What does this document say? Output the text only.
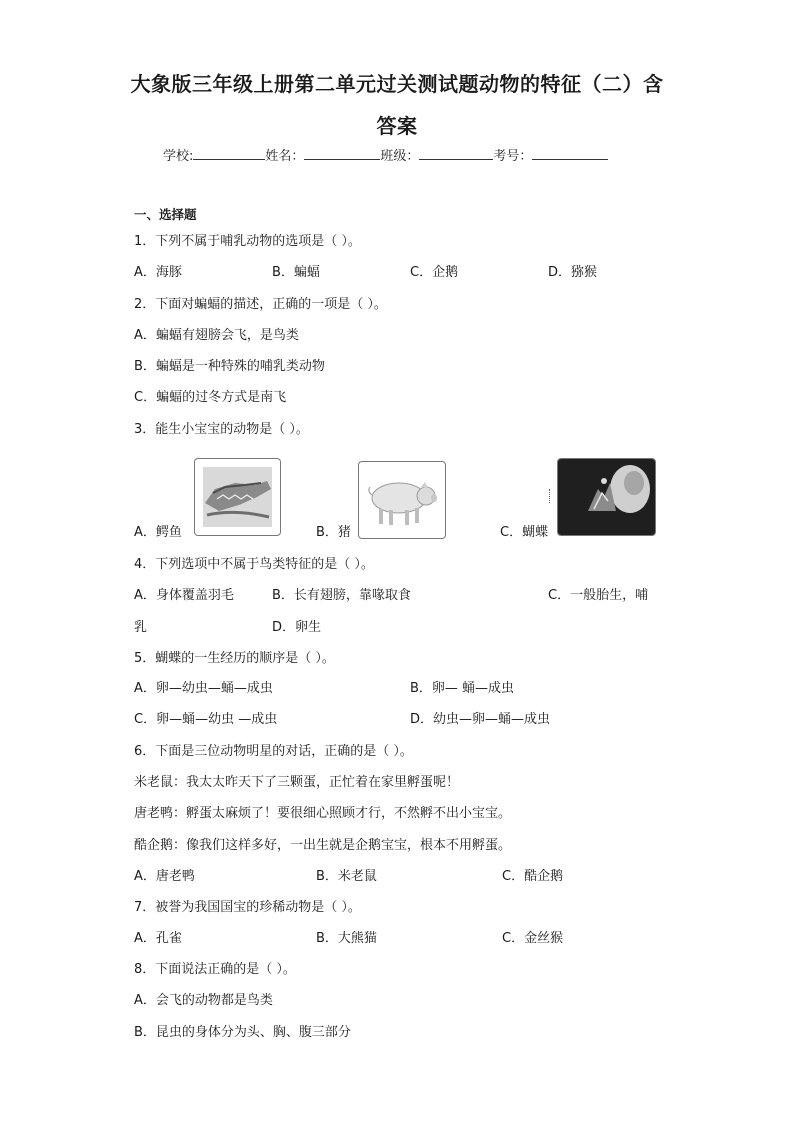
大象版三年级上册第二单元过关测试题动物的特征（二）含
答案
学校:	姓名：	班级：	考号：
一、选择题
1．下列不属于哺乳动物的选项是（ ）。
A．海豚	B．蝙蝠	C．企鹅	D．猕猴
2．下面对蝙蝠的描述，正确的一项是（ ）。
A．蝙蝠有翅膀会飞，是鸟类
B．蝙蝠是一种特殊的哺乳类动物
C．蝙蝠的过冬方式是南飞
3．能生小宝宝的动物是（ ）。
A．鳄鱼	B．猪	C．蝴蝶
4．下列选项中不属于鸟类特征的是（ ）。
A．身体覆盖羽毛	B．长有翅膀，靠喙取食	C．一般胎生，哺
乳	D．卵生
5．蝴蝶的一生经历的顺序是（ ）。
A．卵—幼虫—蛹—成虫	B．卵— 蛹—成虫
C．卵—蛹—幼虫 —成虫	D．幼虫—卵—蛹—成虫
6．下面是三位动物明星的对话，正确的是（ ）。
米老鼠：我太太昨天下了三颗蛋，正忙着在家里孵蛋呢！
唐老鸭：孵蛋太麻烦了！要很细心照顾才行，不然孵不出小宝宝。
酷企鹅：像我们这样多好，一出生就是企鹅宝宝，根本不用孵蛋。
A．唐老鸭	B．米老鼠	C．酷企鹅
7．被誉为我国国宝的珍稀动物是（ ）。
A．孔雀	B．大熊猫	C．金丝猴
8．下面说法正确的是（ ）。
A．会飞的动物都是鸟类
B．昆虫的身体分为头、胸、腹三部分
